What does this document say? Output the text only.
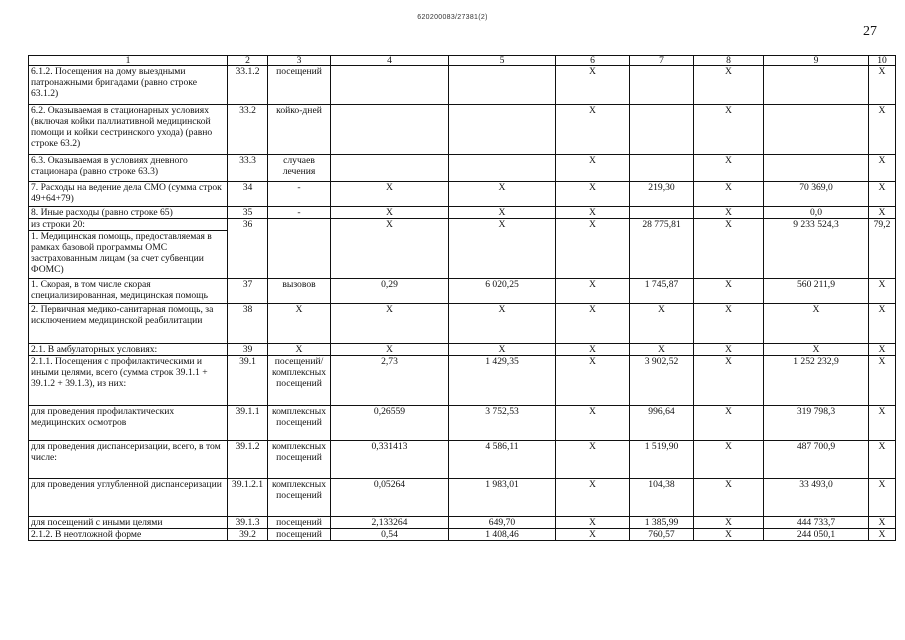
620200083/27381(2)
27
1	2	3	4	5	6	7	8	9	10
6.1.2. Посещения на дому выездными патронажными бригадами (равно строке 63.1.2)	33.1.2	посещений			X		X		X
6.2. Оказываемая в стационарных условиях (включая койки паллиативной медицинской помощи и койки сестринского ухода) (равно строке 63.2)	33.2	койко-дней			X		X		X
6.3. Оказываемая в условиях дневного стационара (равно строке 63.3)	33.3	случаев лечения			X		X		X
7. Расходы на ведение дела СМО (сумма строк 49+64+79)	34	-	X	X	X	219,30	X	70 369,0	X
8. Иные расходы (равно строке 65)	35	-	X	X	X		X	0,0	X
из строки 20:
1. Медицинская помощь, предоставляемая в рамках базовой программы ОМС застрахованным лицам (за счет субвенции ФОМС)	36		X	X	X	28 775,81	X	9 233 524,3	79,2
1. Скорая, в том числе скорая специализированная, медицинская помощь	37	вызовов	0,29	6 020,25	X	1 745,87	X	560 211,9	X
2. Первичная медико-санитарная помощь, за исключением медицинской реабилитации	38	X	X	X	X	X	X	X	X
2.1. В амбулаторных условиях:	39	X	X	X	X	X	X	X	X
2.1.1. Посещения с профилактическими и иными целями, всего (сумма строк 39.1.1 + 39.1.2 + 39.1.3), из них:	39.1	посещений/ комплексных посещений	2,73	1 429,35	X	3 902,52	X	1 252 232,9	X
для проведения профилактических медицинских осмотров	39.1.1	комплексных посещений	0,26559	3 752,53	X	996,64	X	319 798,3	X
для проведения диспансеризации, всего, в том числе:	39.1.2	комплексных посещений	0,331413	4 586,11	X	1 519,90	X	487 700,9	X
для проведения углубленной диспансеризации	39.1.2.1	комплексных посещений	0,05264	1 983,01	X	104,38	X	33 493,0	X
для посещений с иными целями	39.1.3	посещений	2,133264	649,70	X	1 385,99	X	444 733,7	X
2.1.2. В неотложной форме	39.2	посещений	0,54	1 408,46	X	760,57	X	244 050,1	X
